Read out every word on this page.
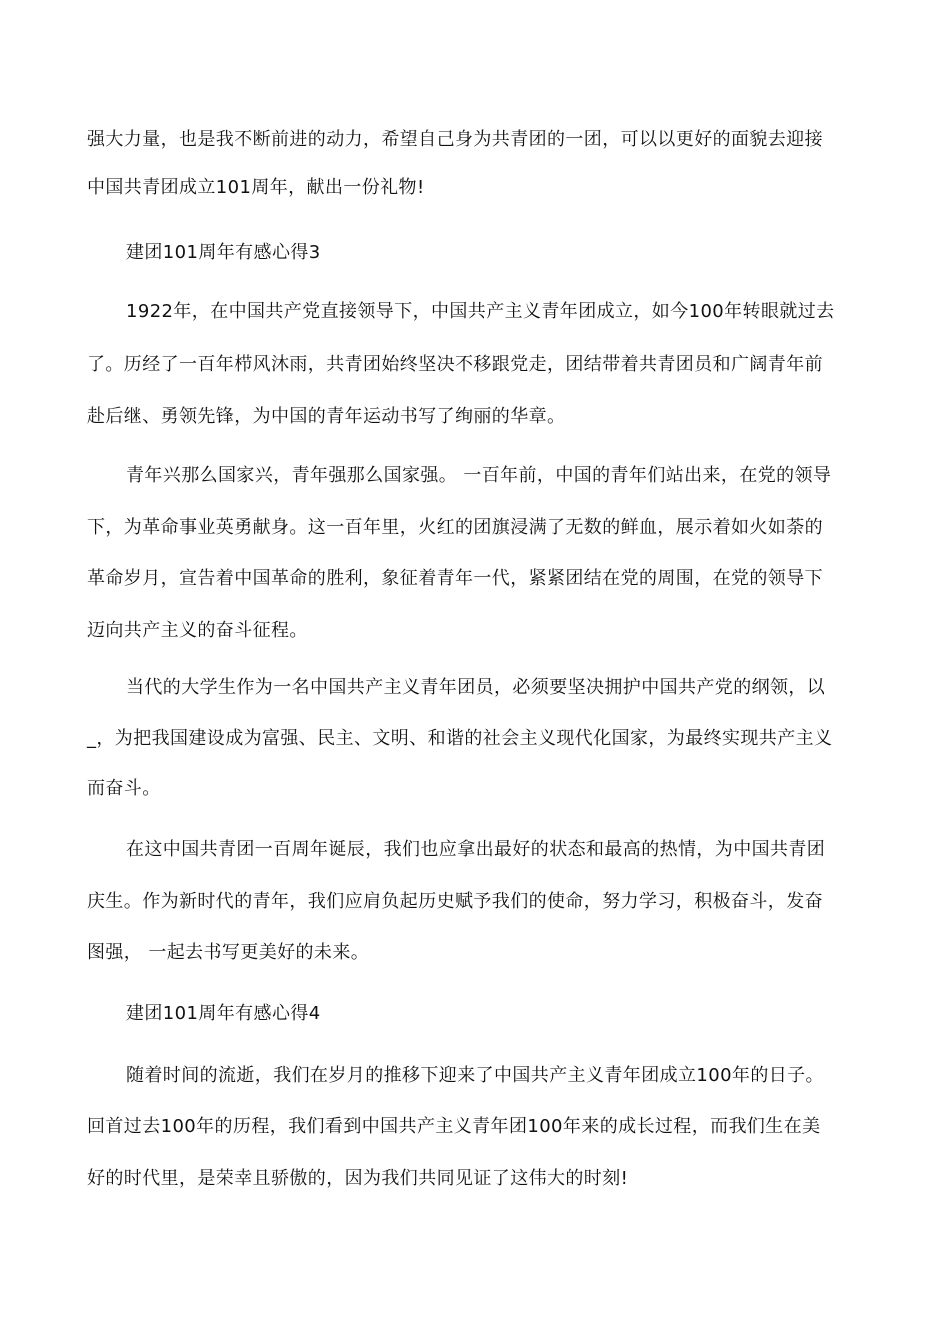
强大力量，也是我不断前进的动力，希望自己身为共青团的一团，可以以更好的面貌去迎接
中国共青团成立101周年，献出一份礼物!
建团101周年有感心得3
1922年，在中国共产党直接领导下，中国共产主义青年团成立，如今100年转眼就过去
了。历经了一百年栉风沐雨，共青团始终坚决不移跟党走，团结带着共青团员和广阔青年前
赴后继、勇领先锋，为中国的青年运动书写了绚丽的华章。
青年兴那么国家兴，青年强那么国家强。 一百年前，中国的青年们站出来，在党的领导
下，为革命事业英勇献身。这一百年里，火红的团旗浸满了无数的鲜血，展示着如火如荼的
革命岁月，宣告着中国革命的胜利，象征着青年一代，紧紧团结在党的周围，在党的领导下
迈向共产主义的奋斗征程。
当代的大学生作为一名中国共产主义青年团员，必须要坚决拥护中国共产党的纲领，以
_，为把我国建设成为富强、民主、文明、和谐的社会主义现代化国家，为最终实现共产主义
而奋斗。
在这中国共青团一百周年诞辰，我们也应拿出最好的状态和最高的热情，为中国共青团
庆生。作为新时代的青年，我们应肩负起历史赋予我们的使命，努力学习，积极奋斗，发奋
图强， 一起去书写更美好的未来。
建团101周年有感心得4
随着时间的流逝，我们在岁月的推移下迎来了中国共产主义青年团成立100年的日子。
回首过去100年的历程，我们看到中国共产主义青年团100年来的成长过程，而我们生在美
好的时代里，是荣幸且骄傲的，因为我们共同见证了这伟大的时刻!
